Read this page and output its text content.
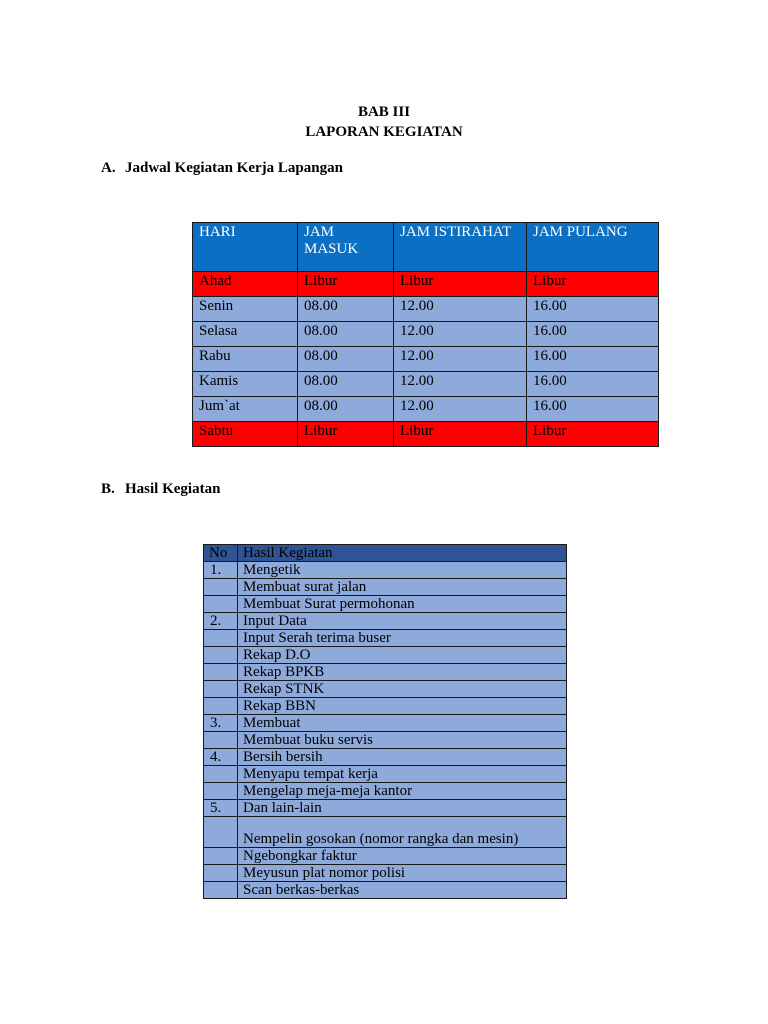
BAB III
LAPORAN KEGIATAN
A. Jadwal Kegiatan Kerja Lapangan
HARI	JAM MASUK	JAM ISTIRAHAT	JAM PULANG
Ahad	Libur	Libur	Libur
Senin	08.00	12.00	16.00
Selasa	08.00	12.00	16.00
Rabu	08.00	12.00	16.00
Kamis	08.00	12.00	16.00
Jum`at	08.00	12.00	16.00
Sabtu	Libur	Libur	Libur
B. Hasil Kegiatan
No	Hasil Kegiatan
1.	Mengetik
	Membuat surat jalan
	Membuat Surat permohonan
2.	Input Data
	Input Serah terima buser
	Rekap D.O
	Rekap BPKB
	Rekap STNK
	Rekap BBN
3.	Membuat
	Membuat buku servis
4.	Bersih bersih
	Menyapu tempat kerja
	Mengelap meja-meja kantor
5.	Dan lain-lain
	Nempelin gosokan (nomor rangka dan mesin)
	Ngebongkar faktur
	Meyusun plat nomor polisi
	Scan berkas-berkas
